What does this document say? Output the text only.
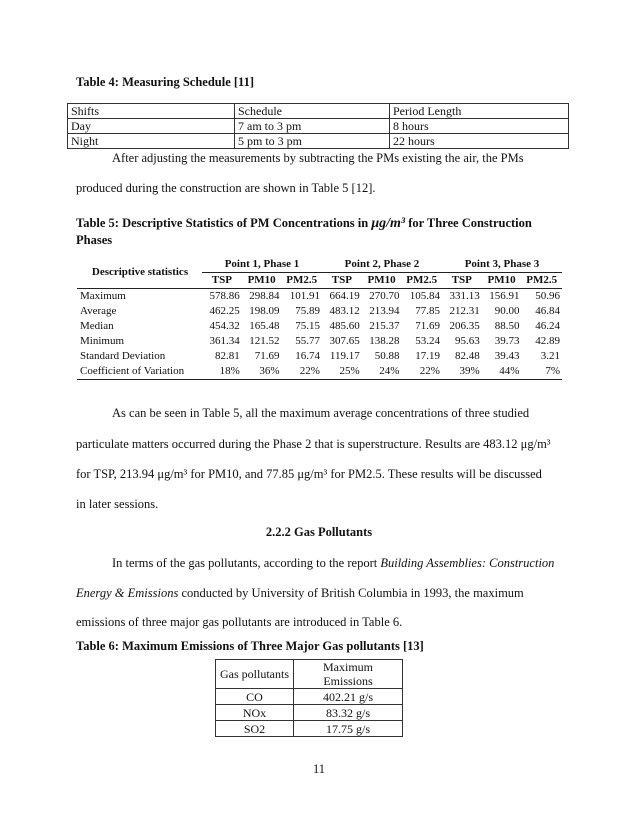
Table 4: Measuring Schedule [11]
Shifts	Schedule	Period Length
Day	7 am to 3 pm	8 hours
Night	5 pm to 3 pm	22 hours
After adjusting the measurements by subtracting the PMs existing the air, the PMs
produced during the construction are shown in Table 5 [12].
Table 5: Descriptive Statistics of PM Concentrations in μg/m³ for Three Construction
Phases
Descriptive statistics	Point 1, Phase 1			Point 2, Phase 2			Point 3, Phase 3		
	TSP	PM10	PM2.5	TSP	PM10	PM2.5	TSP	PM10	PM2.5
Maximum	578.86	298.84	101.91	664.19	270.70	105.84	331.13	156.91	50.96
Average	462.25	198.09	75.89	483.12	213.94	77.85	212.31	90.00	46.84
Median	454.32	165.48	75.15	485.60	215.37	71.69	206.35	88.50	46.24
Minimum	361.34	121.52	55.77	307.65	138.28	53.24	95.63	39.73	42.89
Standard Deviation	82.81	71.69	16.74	119.17	50.88	17.19	82.48	39.43	3.21
Coefficient of Variation	18%	36%	22%	25%	24%	22%	39%	44%	7%
As can be seen in Table 5, all the maximum average concentrations of three studied
particulate matters occurred during the Phase 2 that is superstructure. Results are 483.12 μg/m³
for TSP, 213.94 μg/m³ for PM10, and 77.85 μg/m³ for PM2.5. These results will be discussed
in later sessions.
2.2.2 Gas Pollutants
In terms of the gas pollutants, according to the report Building Assemblies: Construction
Energy & Emissions conducted by University of British Columbia in 1993, the maximum
emissions of three major gas pollutants are introduced in Table 6.
Table 6: Maximum Emissions of Three Major Gas pollutants [13]
Gas pollutants	Maximum Emissions
CO	402.21 g/s
NOx	83.32 g/s
SO2	17.75 g/s
11
